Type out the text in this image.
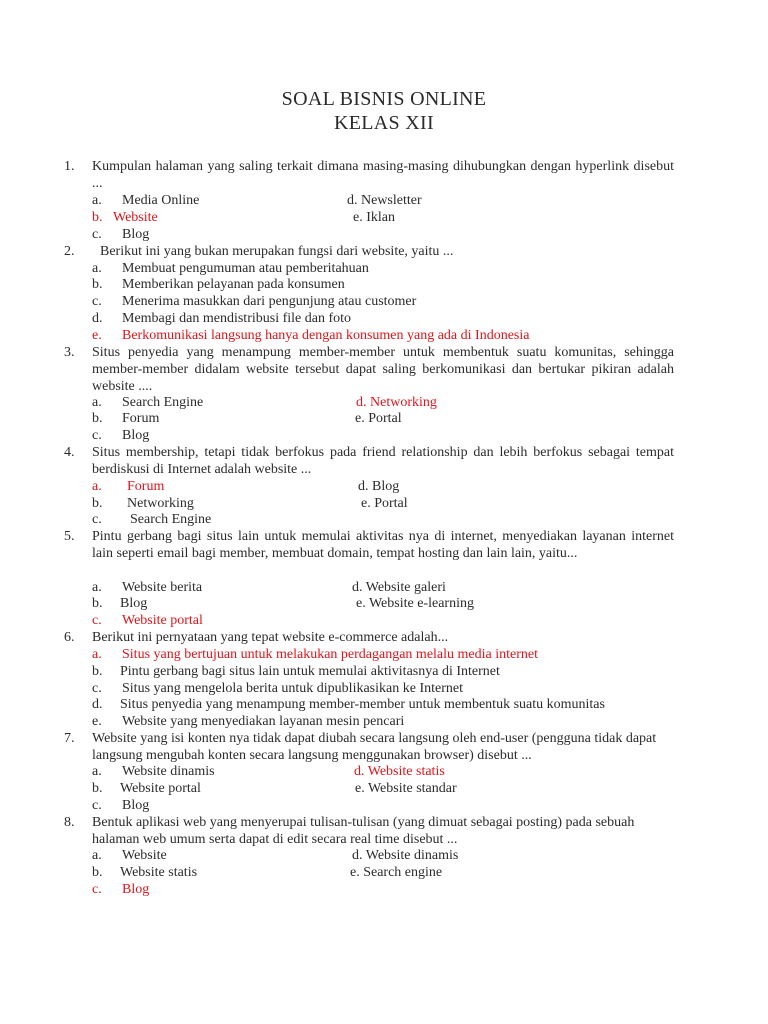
SOAL BISNIS ONLINE
KELAS XII
1. Kumpulan halaman yang saling terkait dimana masing-masing dihubungkan dengan hyperlink disebut ...
a. Media Online	d. Newsletter
b. Website	e. Iklan
c. Blog
2. Berikut ini yang bukan merupakan fungsi dari website, yaitu ...
a. Membuat pengumuman atau pemberitahuan
b. Memberikan pelayanan pada konsumen
c. Menerima masukkan dari pengunjung atau customer
d. Membagi dan mendistribusi file dan foto
e. Berkomunikasi langsung hanya dengan konsumen yang ada di Indonesia
3. Situs penyedia yang menampung member-member untuk membentuk suatu komunitas, sehingga member-member didalam website tersebut dapat saling berkomunikasi dan bertukar pikiran adalah website ....
a. Search Engine	d. Networking
b. Forum	e. Portal
c. Blog
4. Situs membership, tetapi tidak berfokus pada friend relationship dan lebih berfokus sebagai tempat berdiskusi di Internet adalah website ...
a. Forum	d. Blog
b. Networking	e. Portal
c. Search Engine
5. Pintu gerbang bagi situs lain untuk memulai aktivitas nya di internet, menyediakan layanan internet lain seperti email bagi member, membuat domain, tempat hosting dan lain lain, yaitu...
a. Website berita	d. Website galeri
b. Blog	e. Website e-learning
c. Website portal
6. Berikut ini pernyataan yang tepat website e-commerce adalah...
a. Situs yang bertujuan untuk melakukan perdagangan melalu media internet
b. Pintu gerbang bagi situs lain untuk memulai aktivitasnya di Internet
c. Situs yang mengelola berita untuk dipublikasikan ke Internet
d. Situs penyedia yang menampung member-member untuk membentuk suatu komunitas
e. Website yang menyediakan layanan mesin pencari
7. Website yang isi konten nya tidak dapat diubah secara langsung oleh end-user (pengguna tidak dapat langsung mengubah konten secara langsung menggunakan browser) disebut ...
a. Website dinamis	d. Website statis
b. Website portal	e. Website standar
c. Blog
8. Bentuk aplikasi web yang menyerupai tulisan-tulisan (yang dimuat sebagai posting) pada sebuah halaman web umum serta dapat di edit secara real time disebut ...
a. Website	d. Website dinamis
b. Website statis	e. Search engine
c. Blog
